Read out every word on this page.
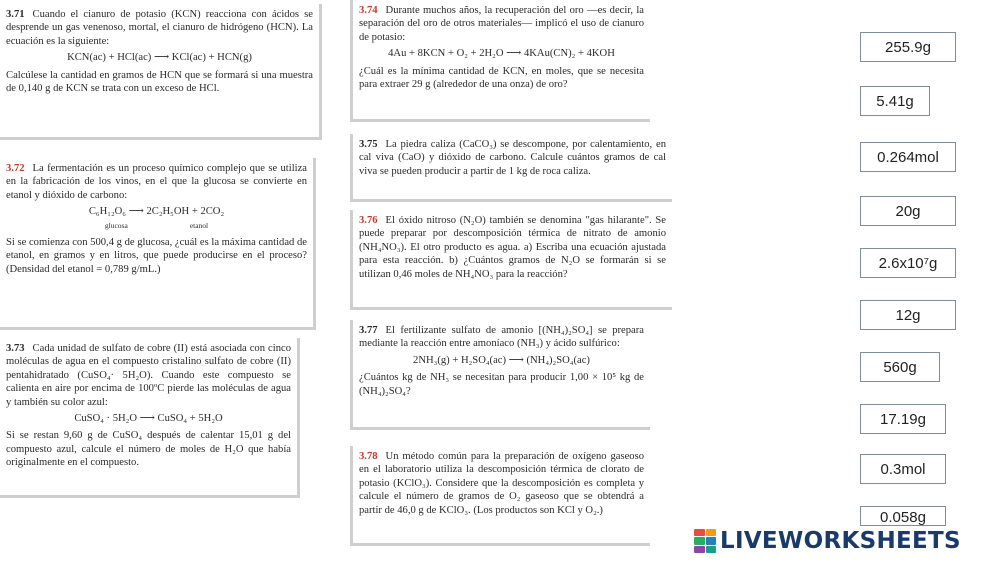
3.71 Cuando el cianuro de potasio (KCN) reacciona con ácidos se desprende un gas venenoso, mortal, el cianuro de hidrógeno (HCN). La ecuación es la siguiente:
KCN(ac) + HCl(ac) ⟶ KCl(ac) + HCN(g)
Calcúlese la cantidad en gramos de HCN que se formará si una muestra de 0,140 g de KCN se trata con un exceso de HCl.
3.72 La fermentación es un proceso químico complejo que se utiliza en la fabricación de los vinos, en el que la glucosa se convierte en etanol y dióxido de carbono:
C₆H₁₂O₆ ⟶ 2C₂H₅OH + 2CO₂
glucosa	etanol
Si se comienza con 500,4 g de glucosa, ¿cuál es la máxima cantidad de etanol, en gramos y en litros, que puede producirse en el proceso? (Densidad del etanol = 0,789 g/mL.)
3.73 Cada unidad de sulfato de cobre (II) está asociada con cinco moléculas de agua en el compuesto cristalino sulfato de cobre (II) pentahidratado (CuSO₄· 5H₂O). Cuando este compuesto se calienta en aire por encima de 100ºC pierde las moléculas de agua y también su color azul:
CuSO₄ · 5H₂O ⟶ CuSO₄ + 5H₂O
Si se restan 9,60 g de CuSO₄ después de calentar 15,01 g del compuesto azul, calcule el número de moles de H₂O que había originalmente en el compuesto.
3.74 Durante muchos años, la recuperación del oro —es decir, la separación del oro de otros materiales— implicó el uso de cianuro de potasio:
4Au + 8KCN + O₂ + 2H₂O ⟶ 4KAu(CN)₂ + 4KOH
¿Cuál es la mínima cantidad de KCN, en moles, que se necesita para extraer 29 g (alrededor de una onza) de oro?
3.75 La piedra caliza (CaCO₃) se descompone, por calentamiento, en cal viva (CaO) y dióxido de carbono. Calcule cuántos gramos de cal viva se pueden producir a partir de 1 kg de roca caliza.
3.76 El óxido nitroso (N₂O) también se denomina "gas hilarante". Se puede preparar por descomposición térmica de nitrato de amonio (NH₄NO₃). El otro producto es agua. a) Escriba una ecuación ajustada para esta reacción. b) ¿Cuántos gramos de N₂O se formarán si se utilizan 0,46 moles de NH₄NO₃ para la reacción?
3.77 El fertilizante sulfato de amonio [(NH₄)₂SO₄] se prepara mediante la reacción entre amoníaco (NH₃) y ácido sulfúrico:
2NH₃(g) + H₂SO₄(ac) ⟶ (NH₄)₂SO₄(ac)
¿Cuántos kg de NH₃ se necesitan para producir 1,00 × 10⁵ kg de (NH₄)₂SO₄?
3.78 Un método común para la preparación de oxígeno gaseoso en el laboratorio utiliza la descomposición térmica de clorato de potasio (KClO₃). Considere que la descomposición es completa y calcule el número de gramos de O₂ gaseoso que se obtendrá a partir de 46,0 g de KClO₃. (Los productos son KCl y O₂.)
255.9g
5.41g
0.264mol
20g
2.6x10⁷g
12g
560g
17.19g
0.3mol
0.058g
LIVEWORKSHEETS
